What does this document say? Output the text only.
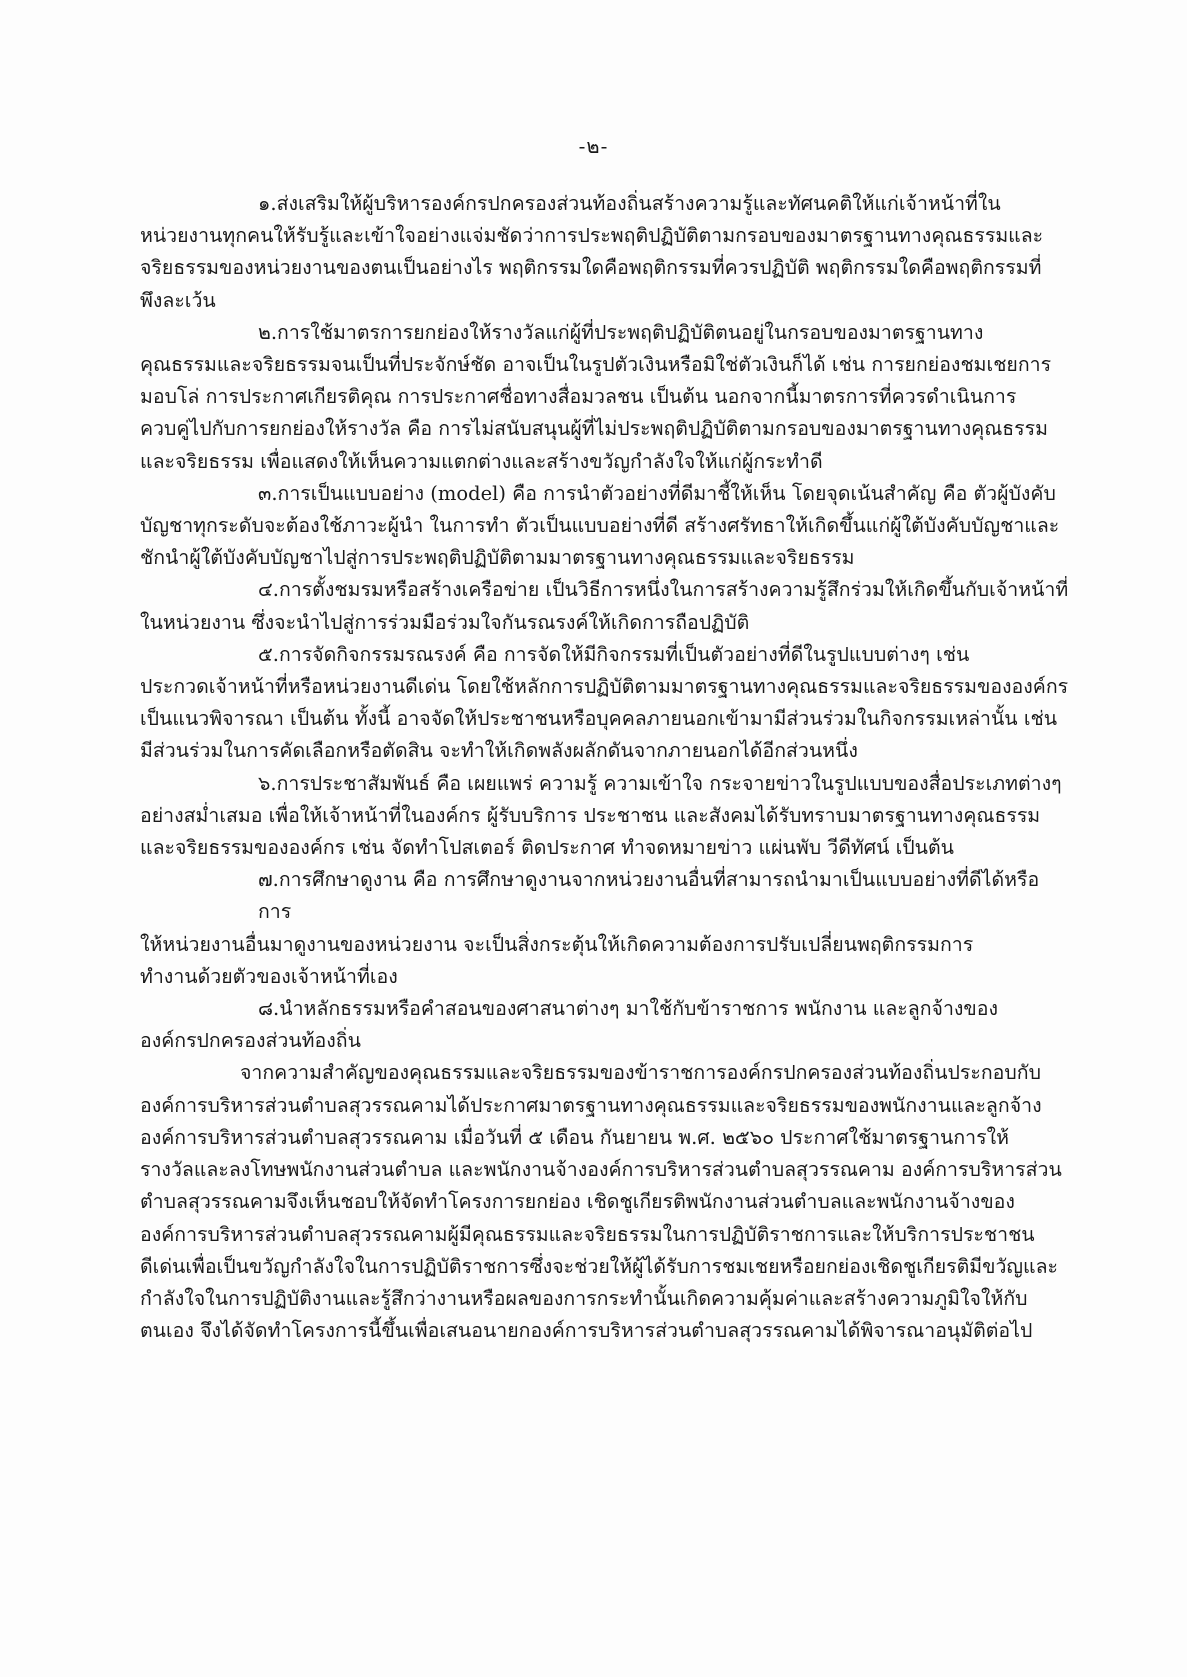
-๒-

๑.ส่งเสริมให้ผู้บริหารองค์กรปกครองส่วนท้องถิ่นสร้างความรู้และทัศนคติให้แก่เจ้าหน้าที่ใน
หน่วยงานทุกคนให้รับรู้และเข้าใจอย่างแจ่มชัดว่าการประพฤติปฏิบัติตามกรอบของมาตรฐานทางคุณธรรมและ
จริยธรรมของหน่วยงานของตนเป็นอย่างไร พฤติกรรมใดคือพฤติกรรมที่ควรปฏิบัติ พฤติกรรมใดคือพฤติกรรมที่
พึงละเว้น

๒.การใช้มาตรการยกย่องให้รางวัลแก่ผู้ที่ประพฤติปฏิบัติตนอยู่ในกรอบของมาตรฐานทาง
คุณธรรมและจริยธรรมจนเป็นที่ประจักษ์ชัด อาจเป็นในรูปตัวเงินหรือมิใช่ตัวเงินก็ได้ เช่น การยกย่องชมเชยการ
มอบโล่ การประกาศเกียรติคุณ การประกาศชื่อทางสื่อมวลชน เป็นต้น นอกจากนี้มาตรการที่ควรดำเนินการ
ควบคู่ไปกับการยกย่องให้รางวัล คือ การไม่สนับสนุนผู้ที่ไม่ประพฤติปฏิบัติตามกรอบของมาตรฐานทางคุณธรรม
และจริยธรรม เพื่อแสดงให้เห็นความแตกต่างและสร้างขวัญกำลังใจให้แก่ผู้กระทำดี

๓.การเป็นแบบอย่าง (model) คือ การนำตัวอย่างที่ดีมาชี้ให้เห็น โดยจุดเน้นสำคัญ คือ ตัวผู้บังคับ
บัญชาทุกระดับจะต้องใช้ภาวะผู้นำ ในการทำ ตัวเป็นแบบอย่างที่ดี สร้างศรัทธาให้เกิดขึ้นแก่ผู้ใต้บังคับบัญชาและ
ชักนำผู้ใต้บังคับบัญชาไปสู่การประพฤติปฏิบัติตามมาตรฐานทางคุณธรรมและจริยธรรม

๔.การตั้งชมรมหรือสร้างเครือข่าย เป็นวิธีการหนึ่งในการสร้างความรู้สึกร่วมให้เกิดขึ้นกับเจ้าหน้าที่
ในหน่วยงาน ซึ่งจะนำไปสู่การร่วมมือร่วมใจกันรณรงค์ให้เกิดการถือปฏิบัติ

๕.การจัดกิจกรรมรณรงค์ คือ การจัดให้มีกิจกรรมที่เป็นตัวอย่างที่ดีในรูปแบบต่างๆ เช่น
ประกวดเจ้าหน้าที่หรือหน่วยงานดีเด่น โดยใช้หลักการปฏิบัติตามมาตรฐานทางคุณธรรมและจริยธรรมขององค์กร
เป็นแนวพิจารณา เป็นต้น ทั้งนี้ อาจจัดให้ประชาชนหรือบุคคลภายนอกเข้ามามีส่วนร่วมในกิจกรรมเหล่านั้น เช่น
มีส่วนร่วมในการคัดเลือกหรือตัดสิน จะทำให้เกิดพลังผลักดันจากภายนอกได้อีกส่วนหนึ่ง

๖.การประชาสัมพันธ์ คือ เผยแพร่ ความรู้ ความเข้าใจ กระจายข่าวในรูปแบบของสื่อประเภทต่างๆ
อย่างสม่ำเสมอ เพื่อให้เจ้าหน้าที่ในองค์กร ผู้รับบริการ ประชาชน และสังคมได้รับทราบมาตรฐานทางคุณธรรม
และจริยธรรมขององค์กร เช่น จัดทำโปสเตอร์ ติดประกาศ ทำจดหมายข่าว แผ่นพับ วีดีทัศน์ เป็นต้น

๗.การศึกษาดูงาน คือ การศึกษาดูงานจากหน่วยงานอื่นที่สามารถนำมาเป็นแบบอย่างที่ดีได้หรือการ
ให้หน่วยงานอื่นมาดูงานของหน่วยงาน จะเป็นสิ่งกระตุ้นให้เกิดความต้องการปรับเปลี่ยนพฤติกรรมการ
ทำงานด้วยตัวของเจ้าหน้าที่เอง

๘.นำหลักธรรมหรือคำสอนของศาสนาต่างๆ มาใช้กับข้าราชการ พนักงาน และลูกจ้างของ
องค์กรปกครองส่วนท้องถิ่น

จากความสำคัญของคุณธรรมและจริยธรรมของข้าราชการองค์กรปกครองส่วนท้องถิ่นประกอบกับ
องค์การบริหารส่วนตำบลสุวรรณคามได้ประกาศมาตรฐานทางคุณธรรมและจริยธรรมของพนักงานและลูกจ้าง
องค์การบริหารส่วนตำบลสุวรรณคาม เมื่อวันที่ ๕ เดือน กันยายน พ.ศ. ๒๕๖๐ ประกาศใช้มาตรฐานการให้
รางวัลและลงโทษพนักงานส่วนตำบล และพนักงานจ้างองค์การบริหารส่วนตำบลสุวรรณคาม องค์การบริหารส่วน
ตำบลสุวรรณคามจึงเห็นชอบให้จัดทำโครงการยกย่อง เชิดชูเกียรติพนักงานส่วนตำบลและพนักงานจ้างของ
องค์การบริหารส่วนตำบลสุวรรณคามผู้มีคุณธรรมและจริยธรรมในการปฏิบัติราชการและให้บริการประชาชน
ดีเด่นเพื่อเป็นขวัญกำลังใจในการปฏิบัติราชการซึ่งจะช่วยให้ผู้ได้รับการชมเชยหรือยกย่องเชิดชูเกียรติมีขวัญและ
กำลังใจในการปฏิบัติงานและรู้สึกว่างานหรือผลของการกระทำนั้นเกิดความคุ้มค่าและสร้างความภูมิใจให้กับ
ตนเอง จึงได้จัดทำโครงการนี้ขึ้นเพื่อเสนอนายกองค์การบริหารส่วนตำบลสุวรรณคามได้พิจารณาอนุมัติต่อไป
